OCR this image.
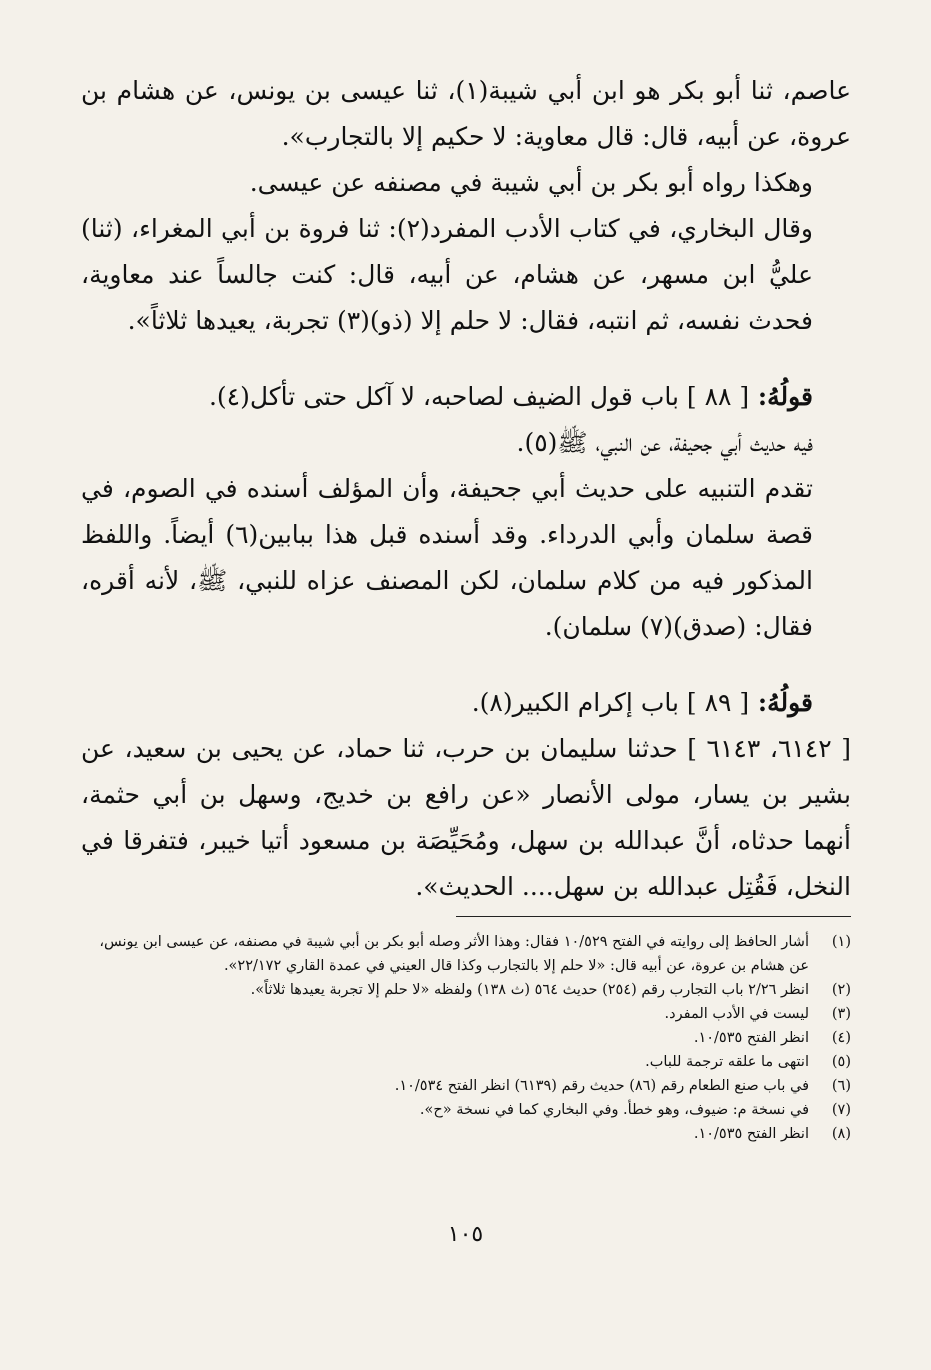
عاصم، ثنا أبو بكر هو ابن أبي شيبة(١)، ثنا عيسى بن يونس، عن هشام بن عروة، عن أبيه، قال: قال معاوية: لا حكيم إلا بالتجارب».

وهكذا رواه أبو بكر بن أبي شيبة في مصنفه عن عيسى.

وقال البخاري، في كتاب الأدب المفرد(٢): ثنا فروة بن أبي المغراء، (ثنا) عليُّ ابن مسهر، عن هشام، عن أبيه، قال: كنت جالساً عند معاوية، فحدث نفسه، ثم انتبه، فقال: لا حلم إلا (ذو)(٣) تجربة، يعيدها ثلاثاً».

قولُهُ: [ ٨٨ ] باب قول الضيف لصاحبه، لا آكل حتى تأكل(٤).

فيه حديث أبي جحيفة، عن النبي، ﷺ(٥).

تقدم التنبيه على حديث أبي جحيفة، وأن المؤلف أسنده في الصوم، في قصة سلمان وأبي الدرداء. وقد أسنده قبل هذا ببابين(٦) أيضاً. واللفظ المذكور فيه من كلام سلمان، لكن المصنف عزاه للنبي، ﷺ، لأنه أقره، فقال: (صدق)(٧) سلمان).

قولُهُ: [ ٨٩ ] باب إكرام الكبير(٨).

[ ٦١٤٢، ٦١٤٣ ] حدثنا سليمان بن حرب، ثنا حماد، عن يحيى بن سعيد، عن بشير بن يسار، مولى الأنصار «عن رافع بن خديج، وسهل بن أبي حثمة، أنهما حدثاه، أنَّ عبدالله بن سهل، ومُحَيِّصَة بن مسعود أتيا خيبر، فتفرقا في النخل، فَقُتِل عبدالله بن سهل.... الحديث».

(١)
أشار الحافظ إلى روايته في الفتح ١٠/٥٢٩ فقال: وهذا الأثر وصله أبو بكر بن أبي شيبة في مصنفه، عن عيسى ابن يونس، عن هشام بن عروة، عن أبيه قال: «لا حلم إلا بالتجارب وكذا قال العيني في عمدة القاري ٢٢/١٧٢».
(٢)
انظر ٢/٢٦ باب التجارب رقم (٢٥٤) حديث ٥٦٤ (ث ١٣٨) ولفظه «لا حلم إلا تجربة يعيدها ثلاثاً».
(٣)
ليست في الأدب المفرد.
(٤)
انظر الفتح ١٠/٥٣٥.
(٥)
انتهى ما علقه ترجمة للباب.
(٦)
في باب صنع الطعام رقم (٨٦) حديث رقم (٦١٣٩) انظر الفتح ١٠/٥٣٤.
(٧)
في نسخة م: ضيوف، وهو خطأ. وفي البخاري كما في نسخة «ح».
(٨)
انظر الفتح ١٠/٥٣٥.
١٠٥
